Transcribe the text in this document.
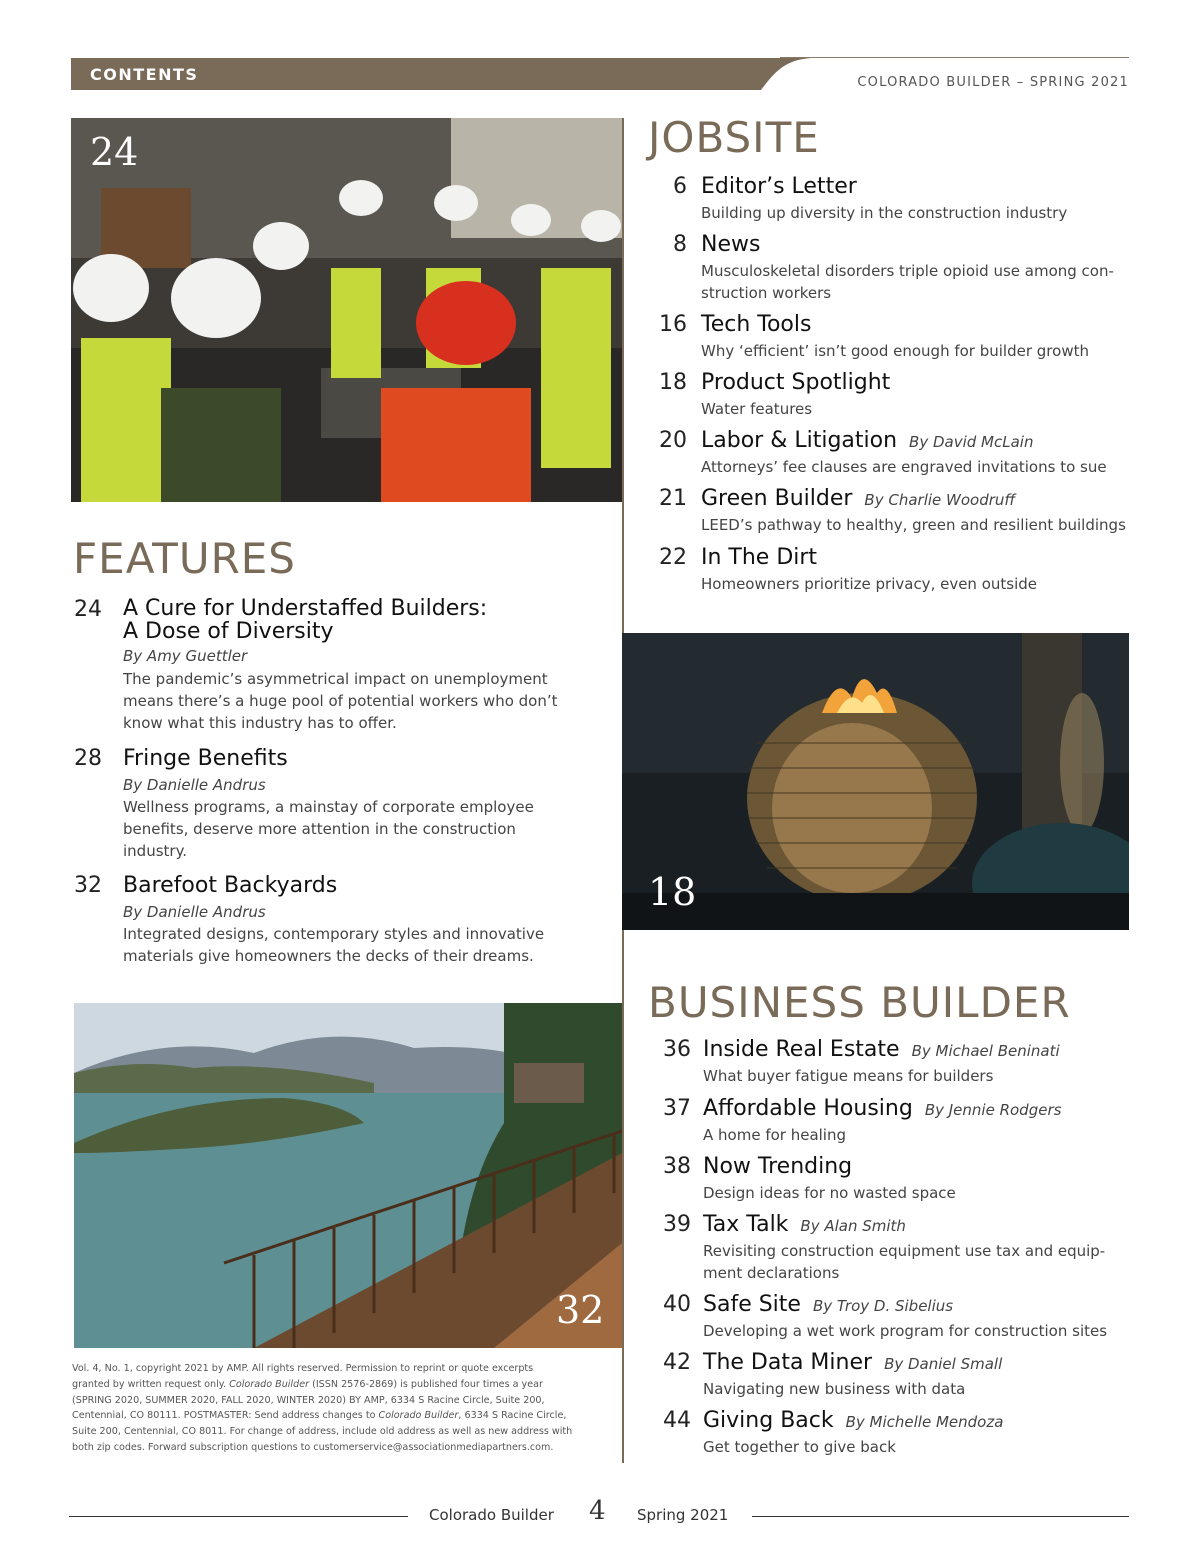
CONTENTS	COLORADO BUILDER – SPRING 2021
24	JOBSITE
6 Editor’s Letter
Building up diversity in the construction industry
8 News
Musculoskeletal disorders triple opioid use among con-
struction workers
16 Tech Tools
Why ‘efficient’ isn’t good enough for builder growth
18 Product Spotlight
Water features
20 Labor & Litigation By David McLain
Attorneys’ fee clauses are engraved invitations to sue
21 Green Builder By Charlie Woodruff
LEED’s pathway to healthy, green and resilient buildings
22 In The Dirt
Homeowners prioritize privacy, even outside
18
BUSINESS BUILDER
36 Inside Real Estate By Michael Beninati
What buyer fatigue means for builders
37 Affordable Housing By Jennie Rodgers
A home for healing
38 Now Trending
Design ideas for no wasted space
39 Tax Talk By Alan Smith
Revisiting construction equipment use tax and equip-
ment declarations
40 Safe Site By Troy D. Sibelius
Developing a wet work program for construction sites
42 The Data Miner By Daniel Small
Navigating new business with data
44 Giving Back By Michelle Mendoza
Get together to give back
FEATURES
24 A Cure for Understaffed Builders:
A Dose of Diversity
By Amy Guettler
The pandemic’s asymmetrical impact on unemployment
means there’s a huge pool of potential workers who don’t
know what this industry has to offer.
28 Fringe Benefits
By Danielle Andrus
Wellness programs, a mainstay of corporate employee
benefits, deserve more attention in the construction
industry.
32 Barefoot Backyards
By Danielle Andrus
Integrated designs, contemporary styles and innovative
materials give homeowners the decks of their dreams.
32
Vol. 4, No. 1, copyright 2021 by AMP. All rights reserved. Permission to reprint or quote excerpts
granted by written request only. Colorado Builder (ISSN 2576-2869) is published four times a year
(SPRING 2020, SUMMER 2020, FALL 2020, WINTER 2020) BY AMP, 6334 S Racine Circle, Suite 200,
Centennial, CO 80111. POSTMASTER: Send address changes to Colorado Builder, 6334 S Racine Circle,
Suite 200, Centennial, CO 8011. For change of address, include old address as well as new address with
both zip codes. Forward subscription questions to customerservice@associationmediapartners.com.
Colorado Builder 4 Spring 2021
